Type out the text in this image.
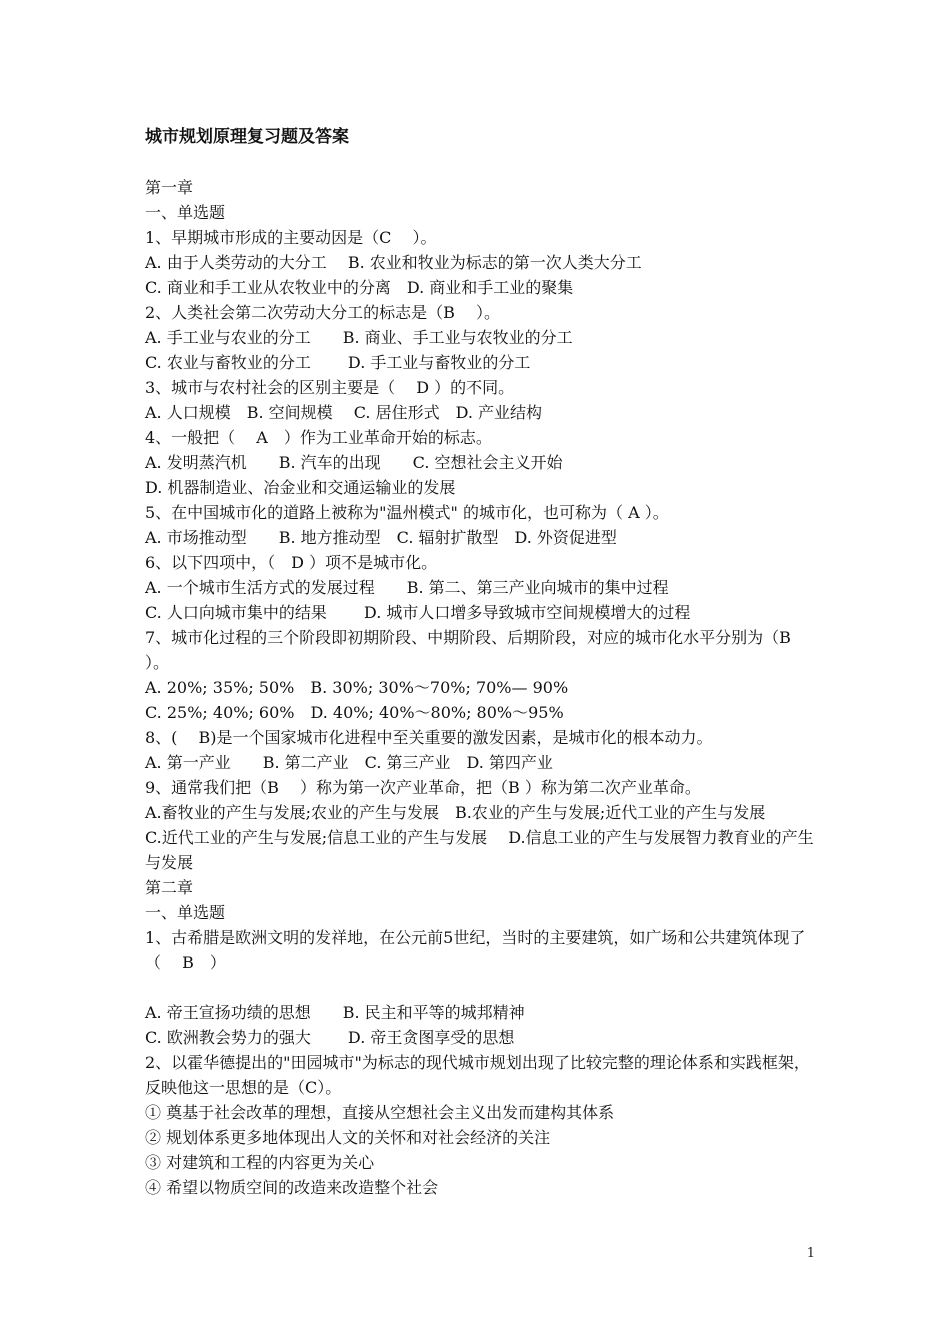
城市规划原理复习题及答案
第一章
一、单选题
1、早期城市形成的主要动因是（C　 ）。
A. 由于人类劳动的大分工　 B. 农业和牧业为标志的第一次人类大分工
C. 商业和手工业从农牧业中的分离　D. 商业和手工业的聚集
2、人类社会第二次劳动大分工的标志是（B　 ）。
A. 手工业与农业的分工　　B. 商业、手工业与农牧业的分工
C. 农业与畜牧业的分工　　 D. 手工业与畜牧业的分工
3、城市与农村社会的区别主要是（　 D ）的不同。
A. 人口规模　B. 空间规模　 C. 居住形式　D. 产业结构
4、一般把（　 A　）作为工业革命开始的标志。
A. 发明蒸汽机　　B. 汽车的出现　　C. 空想社会主义开始
D. 机器制造业、冶金业和交通运输业的发展
5、在中国城市化的道路上被称为"温州模式" 的城市化，也可称为（ A ）。
A. 市场推动型　　B. 地方推动型　C. 辐射扩散型　D. 外资促进型
6、以下四项中，（　D ）项不是城市化。
A. 一个城市生活方式的发展过程　　B. 第二、第三产业向城市的集中过程
C. 人口向城市集中的结果　　 D. 城市人口增多导致城市空间规模增大的过程
7、城市化过程的三个阶段即初期阶段、中期阶段、后期阶段，对应的城市化水平分别为（B　 ）。
A. 20%; 35%; 50%　B. 30%; 30%～70%; 70%— 90%
C. 25%; 40%; 60%　D. 40%; 40%～80%; 80%～95%
8、(　 B)是一个国家城市化进程中至关重要的激发因素，是城市化的根本动力。
A. 第一产业　　B. 第二产业　C. 第三产业　D. 第四产业
9、通常我们把（B　 ）称为第一次产业革命，把（B ）称为第二次产业革命。
A.畜牧业的产生与发展;农业的产生与发展　B.农业的产生与发展;近代工业的产生与发展
C.近代工业的产生与发展;信息工业的产生与发展　 D.信息工业的产生与发展智力教育业的产生与发展
第二章
一、单选题
1、古希腊是欧洲文明的发祥地，在公元前5世纪，当时的主要建筑，如广场和公共建筑体现了（　 B　）
A. 帝王宣扬功绩的思想　　B. 民主和平等的城邦精神
C. 欧洲教会势力的强大　　 D. 帝王贪图享受的思想
2、以霍华德提出的"田园城市"为标志的现代城市规划出现了比较完整的理论体系和实践框架，反映他这一思想的是（C）。
① 奠基于社会改革的理想，直接从空想社会主义出发而建构其体系
② 规划体系更多地体现出人文的关怀和对社会经济的关注
③ 对建筑和工程的内容更为关心
④ 希望以物质空间的改造来改造整个社会
1
